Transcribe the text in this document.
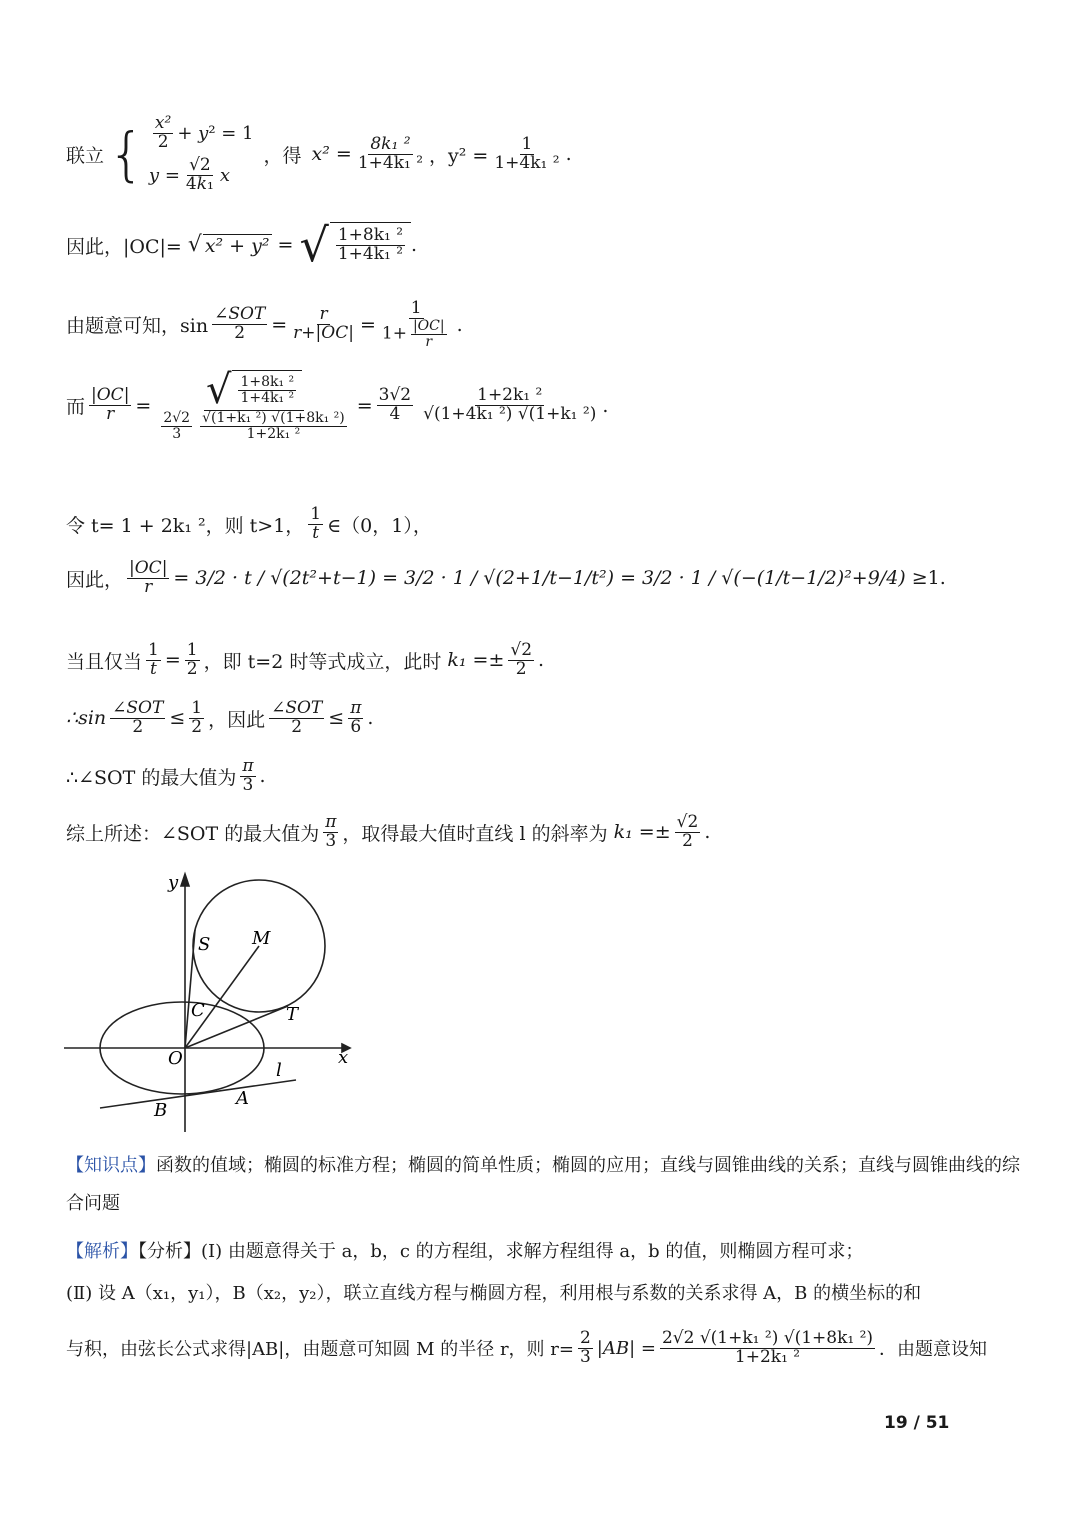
联立 { $\frac{\text{x²}}{2} + y^2 = 1$
$y = \frac{√2}{\text{4k₁}}$ x
，得 $x^2 = \frac{\text{8k₁ ²}}{\text{1+4k₁ ²}}$ ，$y^2 = \frac{1}{\text{1+4k₁ ²}}$ .
因此，|OC|=
√ x² + y² = √ $\frac{\text{1+8k₁ ²}}{\text{1+4k₁ ²}}$ .
由题意可知，$\sin \frac{\text{∠SOT}}{2} = \frac{r}{r+|OC|} = \frac{1}{1+ \frac{|OC|}{r}}$ .
而 $\frac{|OC|}{r} = \frac{√ \frac{\text{1+8k₁ ²}}{\text{1+4k₁ ²}}}{\frac{2√2}{3} \frac{\text{√(1+k₁ ²) √(1+8k₁ ²)}}{\text{1+2k₁ ²}}} = \frac{3√2}{4} \frac{\text{1+2k₁ ²}}{\text{√(1+4k₁ ²) √(1+k₁ ²)}}$ .
令 t= 1 + 2k₁ ²，则 t>1， $\frac{1}{t}$ ∈（0，1），
因此， $\frac{|OC|}{r} = 3/2 \cdot t / √(2t^2+t-1)$
= 3/2 · 1 / √(2+1/t−1/t²)
= 3/2 · 1 / √(−(1/t−1/2)²+9/4)
≥1.
当且仅当 $\frac{1}{t} = \frac{1}{2}$ ，即 t=2 时等式成立，此时
$k_1 =\pm \frac{√2}{2}$ .
∴sin $\frac{\text{∠SOT}}{2} \le \frac{1}{2}$ ，因此 $\frac{\text{∠SOT}}{2} \le \frac{\pi}{6}$ .
∴∠SOT 的最大值为 $\frac{\pi}{3}$ .
综上所述：∠SOT 的最大值为 $\frac{\pi}{3}$ ，取得最大值时直线 l 的斜率为
$k_1 =\pm \frac{√2}{2}$ .
y
x
S M
C	T
O
l
B
A
【知识点】函数的值域；椭圆的标准方程；椭圆的简单性质；椭圆的应用；直线与圆锥曲线的关系；直线与圆锥曲线的综合问题
【解析】【分析】(Ⅰ) 由题意得关于 a，b，c 的方程组，求解方程组得 a，b 的值，则椭圆方程可求；
(Ⅱ) 设 A（x₁，y₁），B（x₂，y₂），联立直线方程与椭圆方程，利用根与系数的关系求得 A，B 的横坐标的和
与积，由弦长公式求得|AB|，由题意可知圆 M 的半径 r，则 $r= \frac{2}{3} |AB| = \frac{\text{2√2 √(1+k₁ ²) √(1+8k₁ ²)}}{\text{1+2k₁ ²}}$ ．由题意设知
19 / 51
